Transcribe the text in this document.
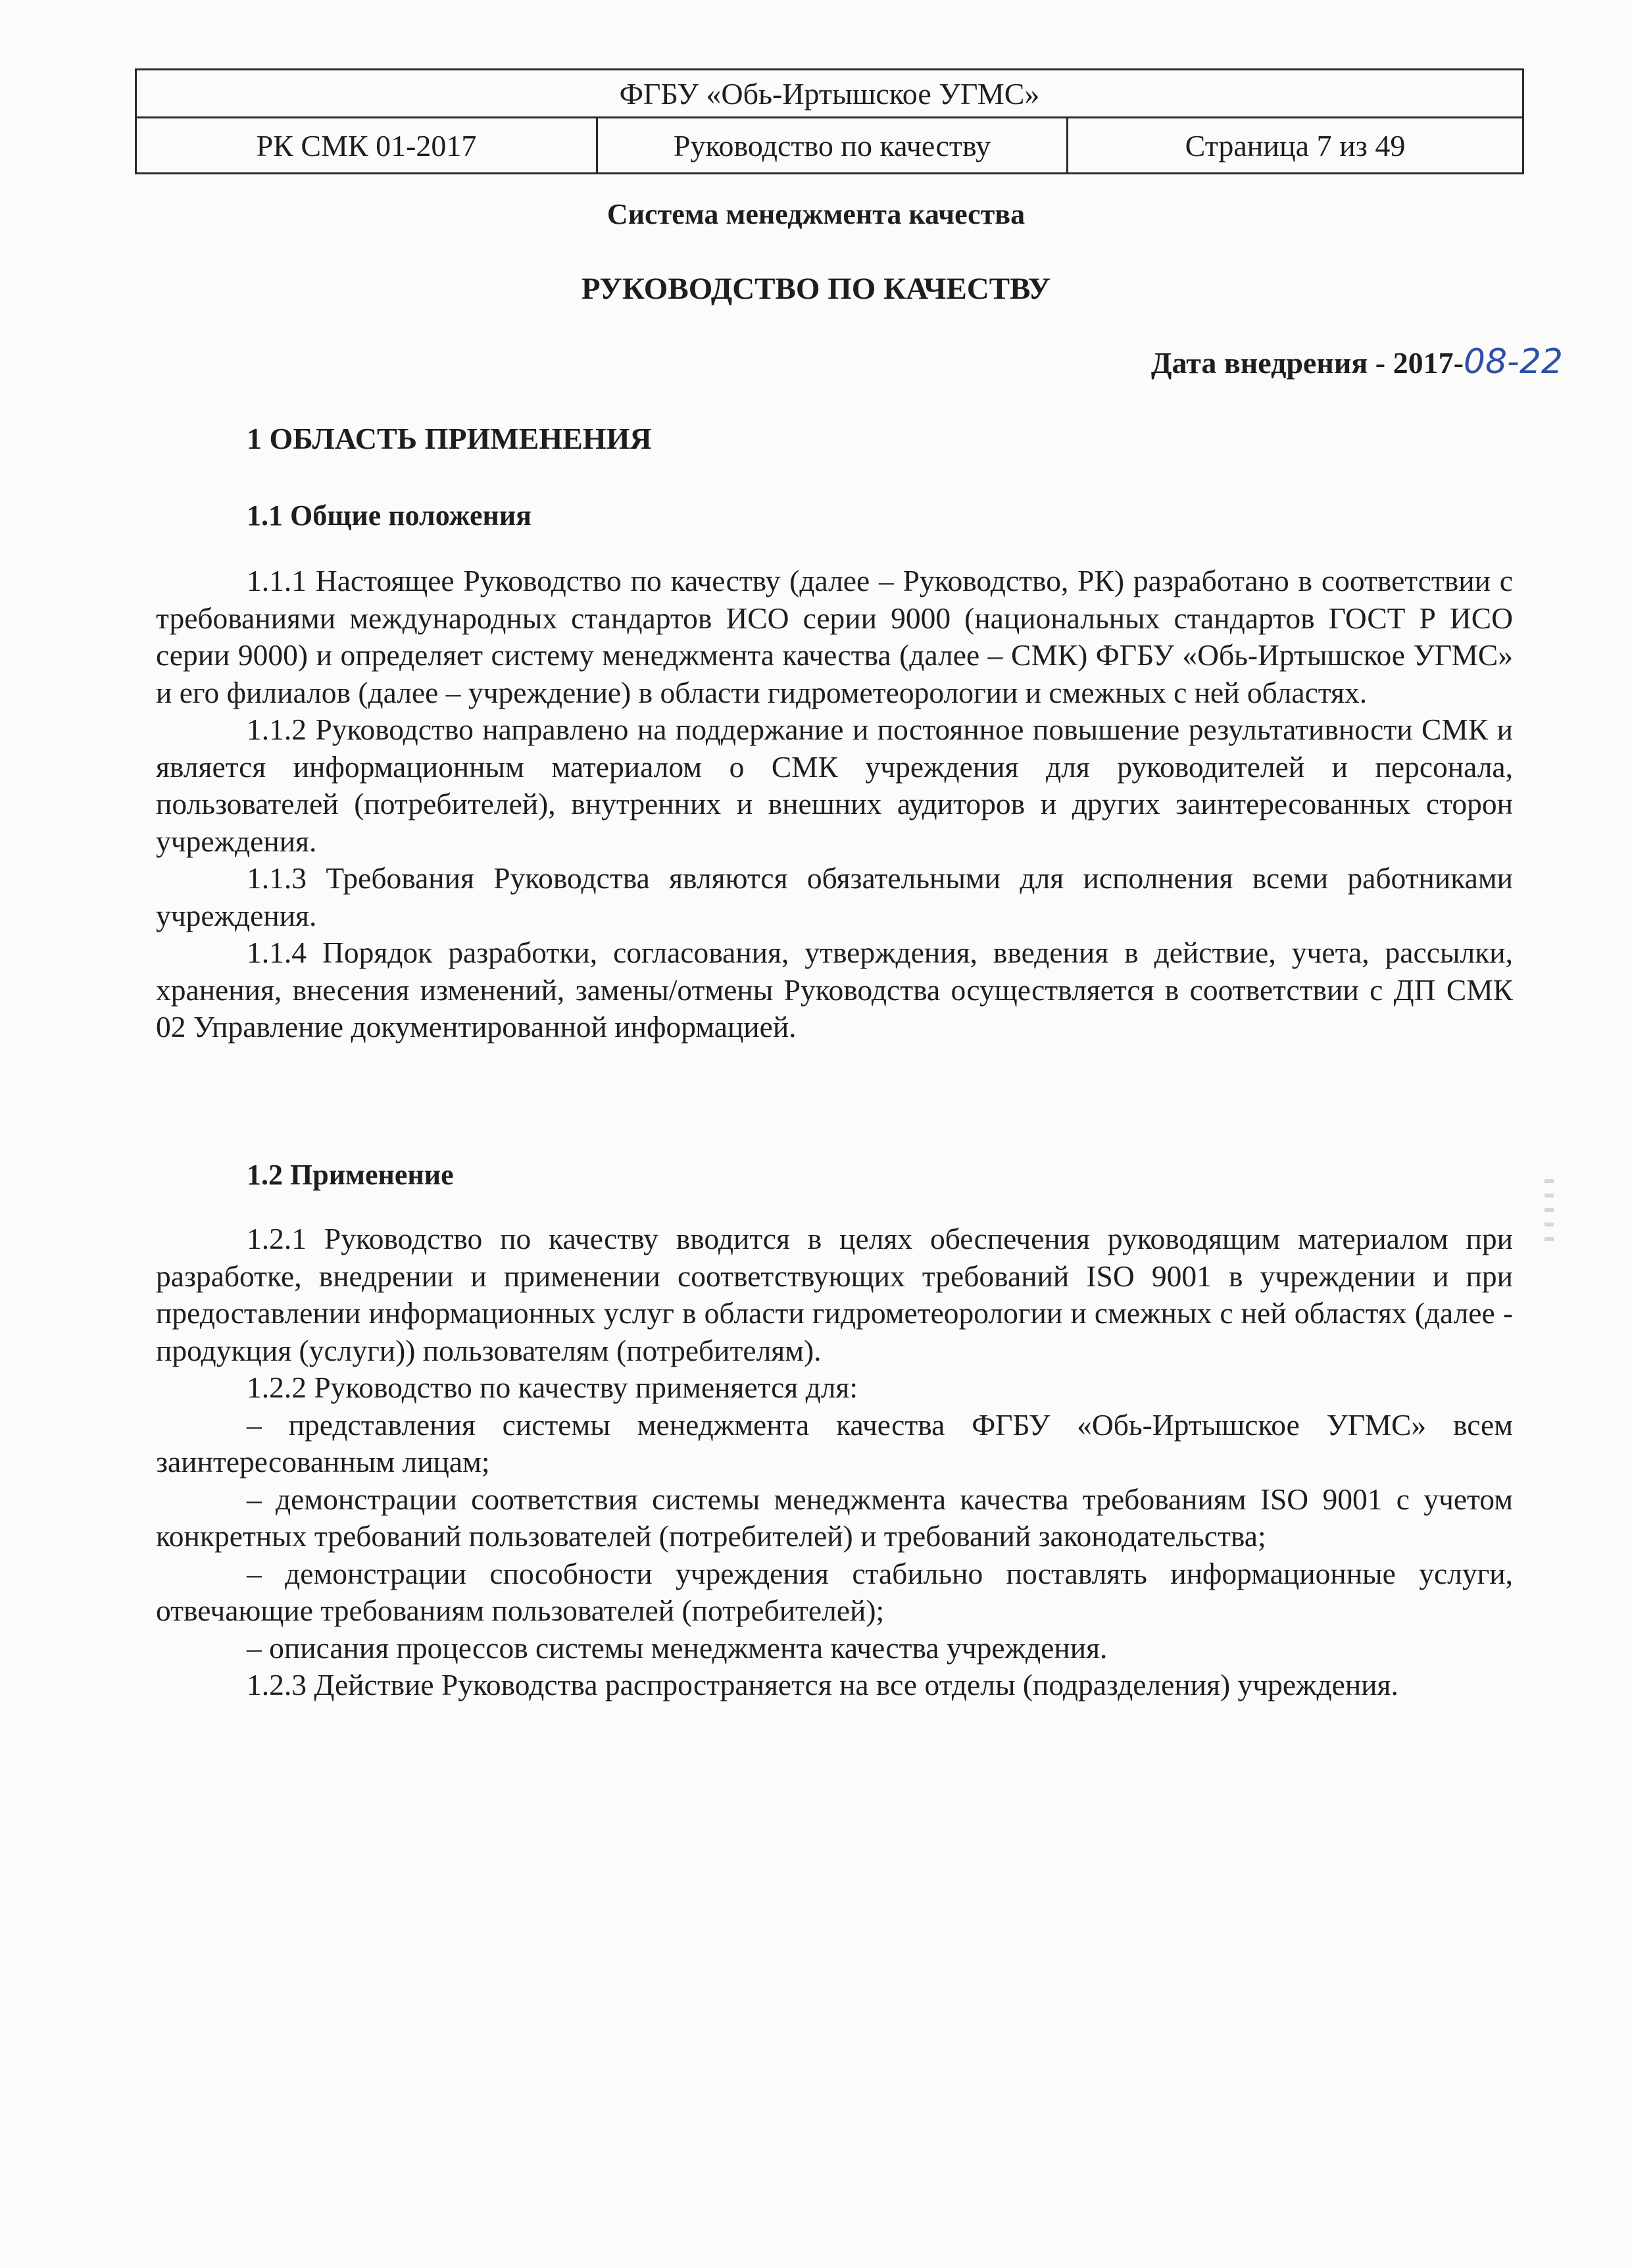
ФГБУ «Обь-Иртышское УГМС»
РК СМК 01-2017	Руководство по качеству	Страница 7 из 49
Система менеджмента качества
РУКОВОДСТВО ПО КАЧЕСТВУ
Дата внедрения - 2017-08-22
1 ОБЛАСТЬ ПРИМЕНЕНИЯ
1.1 Общие положения

1.1.1 Настоящее Руководство по качеству (далее – Руководство, РК) разработано в соответствии с требованиями международных стандартов ИСО серии 9000 (национальных стандартов ГОСТ Р ИСО серии 9000) и определяет систему менеджмента качества (далее – СМК) ФГБУ «Обь-Иртышское УГМС» и его филиалов (далее – учреждение) в области гидрометеорологии и смежных с ней областях.

1.1.2 Руководство направлено на поддержание и постоянное повышение результативности СМК и является информационным материалом о СМК учреждения для руководителей и персонала, пользователей (потребителей), внутренних и внешних аудиторов и других заинтересованных сторон учреждения.

1.1.3 Требования Руководства являются обязательными для исполнения всеми работниками учреждения.

1.1.4 Порядок разработки, согласования, утверждения, введения в действие, учета, рассылки, хранения, внесения изменений, замены/отмены Руководства осуществляется в соответствии с ДП СМК 02 Управление документированной информацией.

1.2 Применение

1.2.1 Руководство по качеству вводится в целях обеспечения руководящим материалом при разработке, внедрении и применении соответствующих требований ISO 9001 в учреждении и при предоставлении информационных услуг в области гидрометеорологии и смежных с ней областях (далее - продукция (услуги)) пользователям (потребителям).

1.2.2 Руководство по качеству применяется для:

– представления системы менеджмента качества ФГБУ «Обь-Иртышское УГМС» всем заинтересованным лицам;

– демонстрации соответствия системы менеджмента качества требованиям ISO 9001 с учетом конкретных требований пользователей (потребителей) и требований законодательства;

– демонстрации способности учреждения стабильно поставлять информационные услуги, отвечающие требованиям пользователей (потребителей);

– описания процессов системы менеджмента качества учреждения.

1.2.3 Действие Руководства распространяется на все отделы (подразделения) учреждения.
